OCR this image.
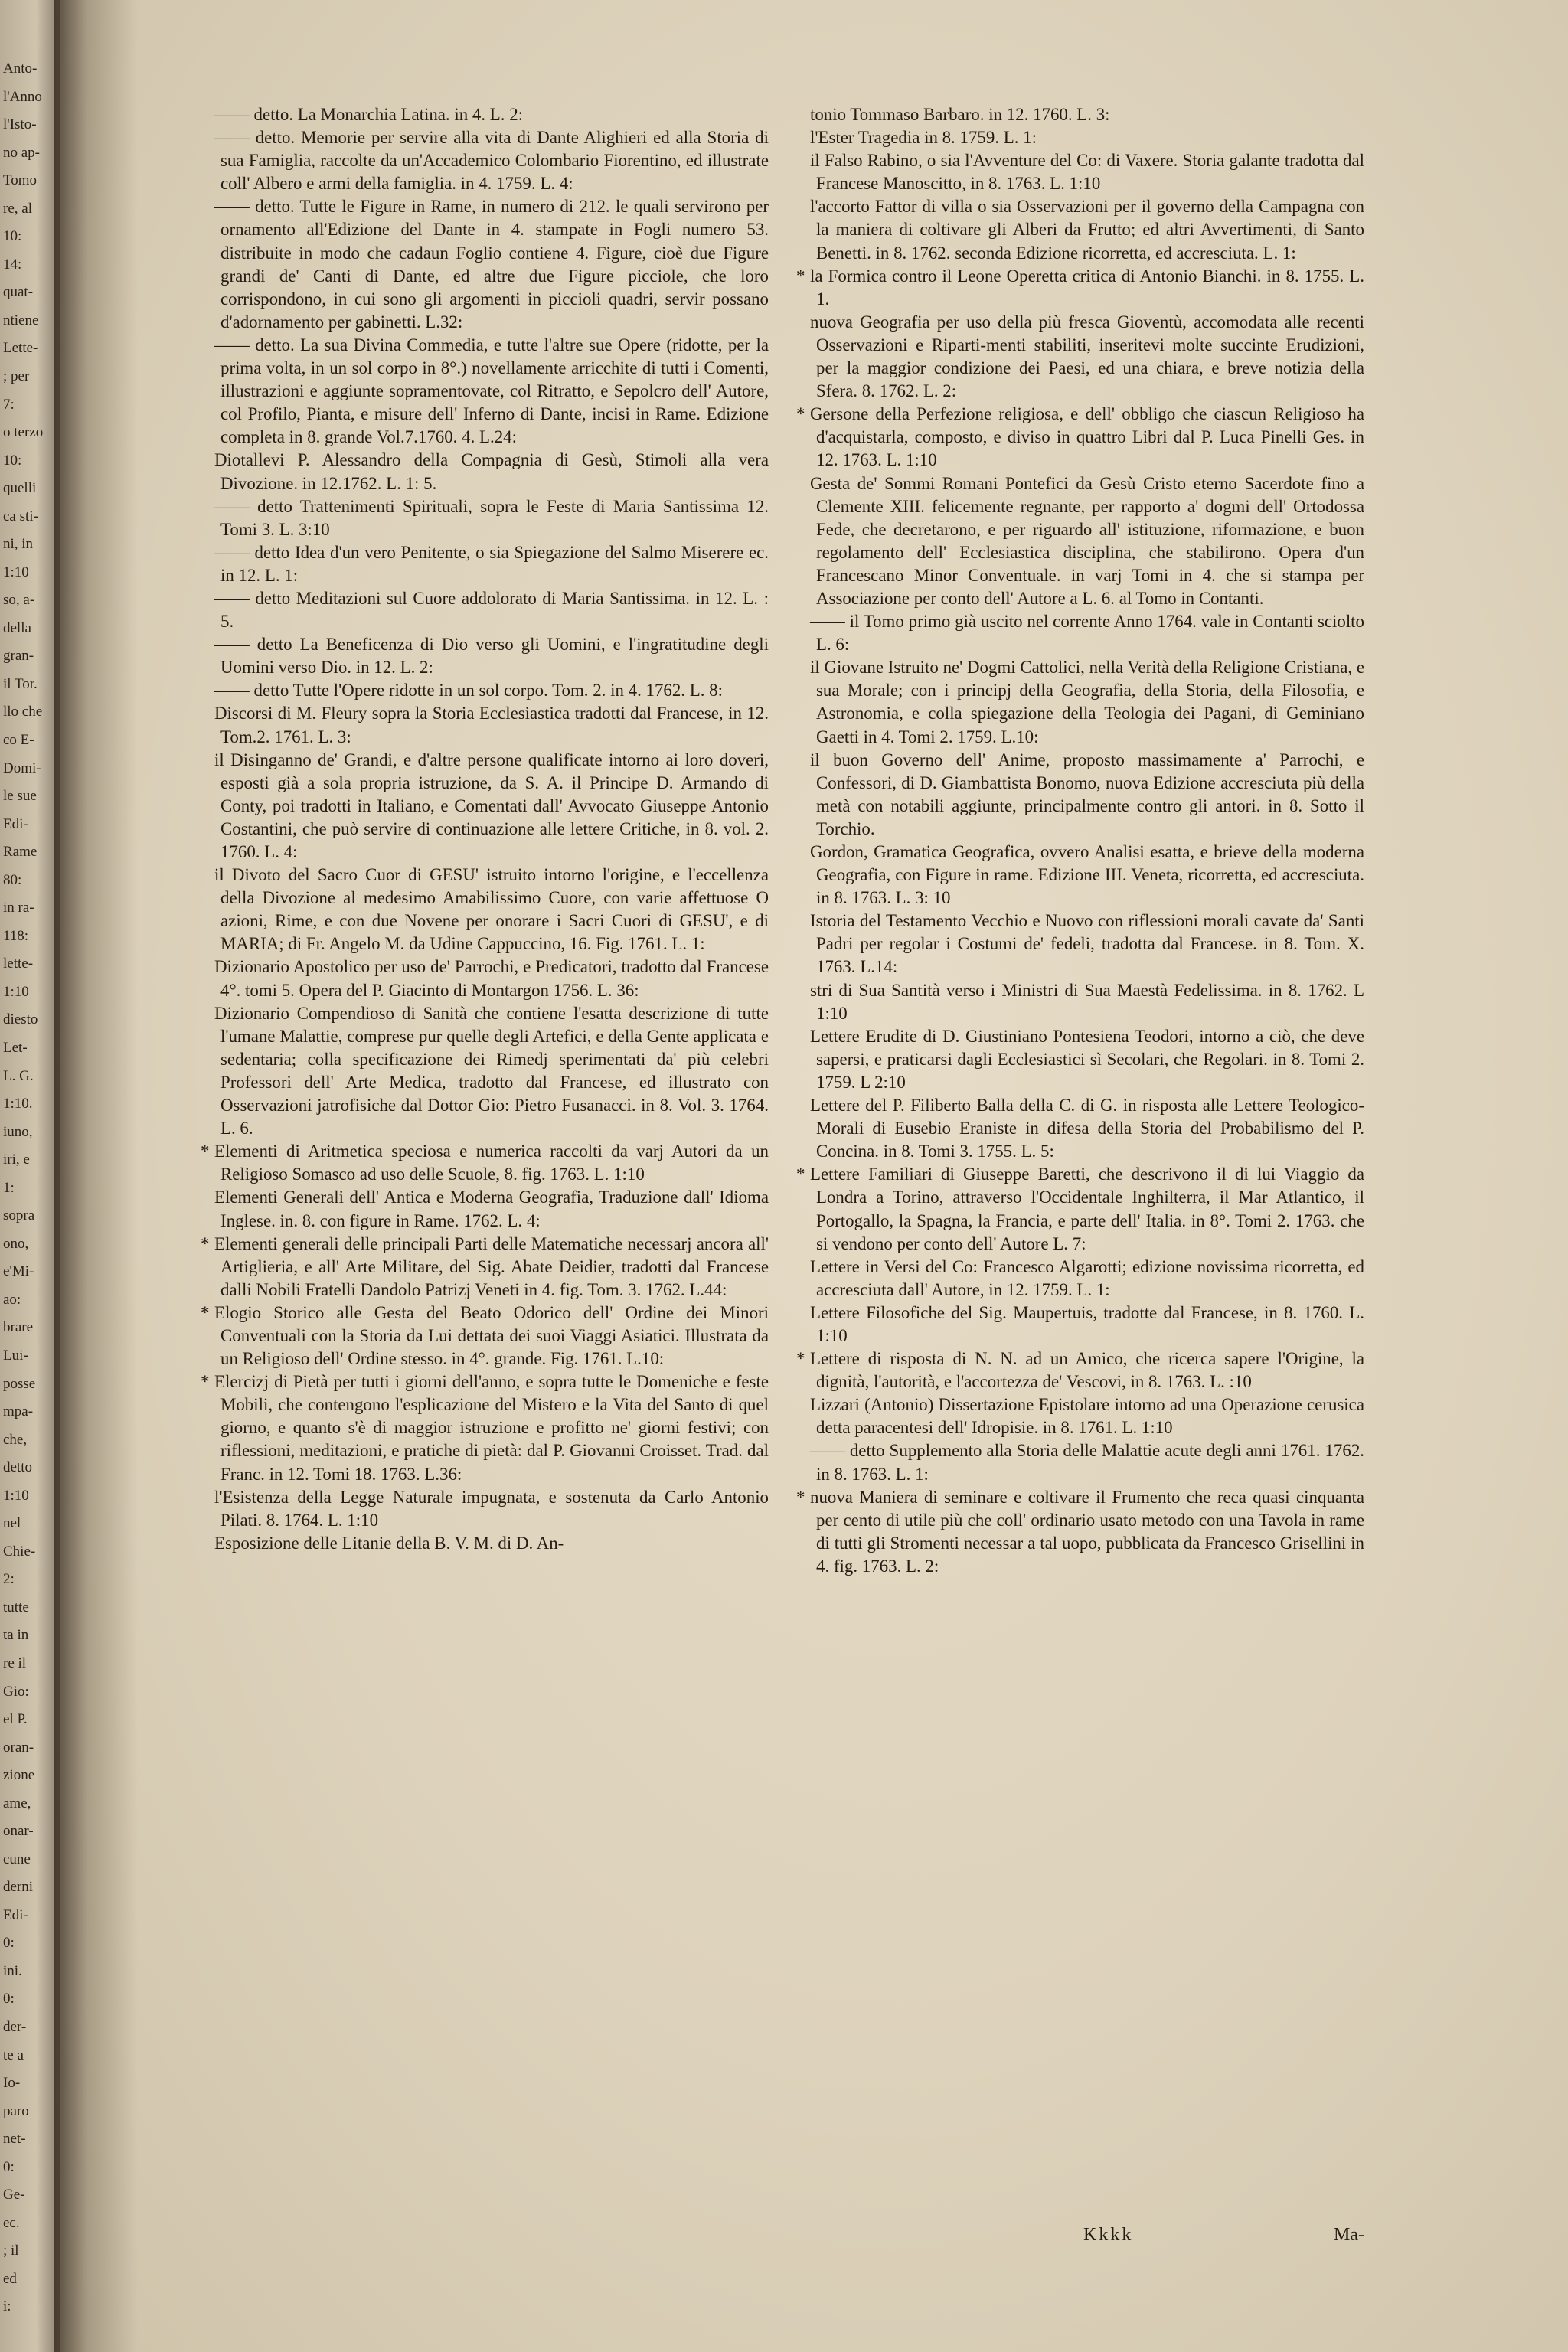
Anto-
l'Anno
l'Isto-
no ap-
Tomo
re, al
10:
14:
quat-
ntiene
Lette-
; per
7:
o terzo
10:
quelli
ca sti-
ni, in
1:10
so, a-
della
gran-
il Tor.
llo che
co E-
Domi-
le sue
Edi-
Rame
80:
in ra-
118:
lette-
1:10
diesto
Let-
L. G.
1:10.
iuno,
iri, e
1:
sopra
ono,
e'Mi-
ao:
brare
Lui-
posse
mpa-
che,
detto
1:10
nel
Chie-
2:
tutte
ta in
re il
Gio:
el P.
oran-
zione
ame,
onar-
cune
derni
Edi-
0:
ini.
0:
der-
te a
Io-
paro
net-
0:
Ge-
ec.
; il
ed
i:

—— detto. La Monarchia Latina. in 4. L. 2:

—— detto. Memorie per servire alla vita di Dante Alighieri ed alla Storia di sua Famiglia, raccolte da un'Accademico Colombario Fiorentino, ed illustrate coll' Albero e armi della famiglia. in 4. 1759. L. 4:

—— detto. Tutte le Figure in Rame, in numero di 212. le quali servirono per ornamento all'Edizione del Dante in 4. stampate in Fogli numero 53. distribuite in modo che cadaun Foglio contiene 4. Figure, cioè due Figure grandi de' Canti di Dante, ed altre due Figure picciole, che loro corrispondono, in cui sono gli argomenti in piccioli quadri, servir possano d'adornamento per gabinetti. L.32:

—— detto. La sua Divina Commedia, e tutte l'altre sue Opere (ridotte, per la prima volta, in un sol corpo in 8°.) novellamente arricchite di tutti i Comenti, illustrazioni e aggiunte sopramentovate, col Ritratto, e Sepolcro dell' Autore, col Profilo, Pianta, e misure dell' Inferno di Dante, incisi in Rame. Edizione completa in 8. grande Vol.7.1760. 4. L.24:

Diotallevi P. Alessandro della Compagnia di Gesù, Stimoli alla vera Divozione. in 12.1762. L. 1: 5.

—— detto Trattenimenti Spirituali, sopra le Feste di Maria Santissima 12. Tomi 3. L. 3:10

—— detto Idea d'un vero Penitente, o sia Spiegazione del Salmo Miserere ec. in 12. L. 1:

—— detto Meditazioni sul Cuore addolorato di Maria Santissima. in 12. L. : 5.

—— detto La Beneficenza di Dio verso gli Uomini, e l'ingratitudine degli Uomini verso Dio. in 12. L. 2:

—— detto Tutte l'Opere ridotte in un sol corpo. Tom. 2. in 4. 1762. L. 8:

Discorsi di M. Fleury sopra la Storia Ecclesiastica tradotti dal Francese, in 12. Tom.2. 1761. L. 3:

il Disinganno de' Grandi, e d'altre persone qualificate intorno ai loro doveri, esposti già a sola propria istruzione, da S. A. il Principe D. Armando di Conty, poi tradotti in Italiano, e Comentati dall' Avvocato Giuseppe Antonio Costantini, che può servire di continuazione alle lettere Critiche, in 8. vol. 2. 1760. L. 4:

il Divoto del Sacro Cuor di GESU' istruito intorno l'origine, e l'eccellenza della Divozione al medesimo Amabilissimo Cuore, con varie affettuose O azioni, Rime, e con due Novene per onorare i Sacri Cuori di GESU', e di MARIA; di Fr. Angelo M. da Udine Cappuccino, 16. Fig. 1761. L. 1:

Dizionario Apostolico per uso de' Parrochi, e Predicatori, tradotto dal Francese 4°. tomi 5. Opera del P. Giacinto di Montargon 1756. L. 36:

Dizionario Compendioso di Sanità che contiene l'esatta descrizione di tutte l'umane Malattie, comprese pur quelle degli Artefici, e della Gente applicata e sedentaria; colla specificazione dei Rimedj sperimentati da' più celebri Professori dell' Arte Medica, tradotto dal Francese, ed illustrato con Osservazioni jatrofisiche dal Dottor Gio: Pietro Fusanacci. in 8. Vol. 3. 1764. L. 6.

* Elementi di Aritmetica speciosa e numerica raccolti da varj Autori da un Religioso Somasco ad uso delle Scuole, 8. fig. 1763. L. 1:10

Elementi Generali dell' Antica e Moderna Geografia, Traduzione dall' Idioma Inglese. in. 8. con figure in Rame. 1762. L. 4:

* Elementi generali delle principali Parti delle Matematiche necessarj ancora all' Artiglieria, e all' Arte Militare, del Sig. Abate Deidier, tradotti dal Francese dalli Nobili Fratelli Dandolo Patrizj Veneti in 4. fig. Tom. 3. 1762. L.44:

* Elogio Storico alle Gesta del Beato Odorico dell' Ordine dei Minori Conventuali con la Storia da Lui dettata dei suoi Viaggi Asiatici. Illustrata da un Religioso dell' Ordine stesso. in 4°. grande. Fig. 1761. L.10:

* Elercizj di Pietà per tutti i giorni dell'anno, e sopra tutte le Domeniche e feste Mobili, che contengono l'esplicazione del Mistero e la Vita del Santo di quel giorno, e quanto s'è di maggior istruzione e profitto ne' giorni festivi; con riflessioni, meditazioni, e pratiche di pietà: dal P. Giovanni Croisset. Trad. dal Franc. in 12. Tomi 18. 1763. L.36:

l'Esistenza della Legge Naturale impugnata, e sostenuta da Carlo Antonio Pilati. 8. 1764. L. 1:10

Esposizione delle Litanie della B. V. M. di D. An-

tonio Tommaso Barbaro. in 12. 1760. L. 3:

l'Ester Tragedia in 8. 1759. L. 1:

il Falso Rabino, o sia l'Avventure del Co: di Vaxere. Storia galante tradotta dal Francese Manoscitto, in 8. 1763. L. 1:10

l'accorto Fattor di villa o sia Osservazioni per il governo della Campagna con la maniera di coltivare gli Alberi da Frutto; ed altri Avvertimenti, di Santo Benetti. in 8. 1762. seconda Edizione ricorretta, ed accresciuta. L. 1:

* la Formica contro il Leone Operetta critica di Antonio Bianchi. in 8. 1755. L. 1.

nuova Geografia per uso della più fresca Gioventù, accomodata alle recenti Osservazioni e Riparti-menti stabiliti, inseritevi molte succinte Erudizioni, per la maggior condizione dei Paesi, ed una chiara, e breve notizia della Sfera. 8. 1762. L. 2:

* Gersone della Perfezione religiosa, e dell' obbligo che ciascun Religioso ha d'acquistarla, composto, e diviso in quattro Libri dal P. Luca Pinelli Ges. in 12. 1763. L. 1:10

Gesta de' Sommi Romani Pontefici da Gesù Cristo eterno Sacerdote fino a Clemente XIII. felicemente regnante, per rapporto a' dogmi dell' Ortodossa Fede, che decretarono, e per riguardo all' istituzione, riformazione, e buon regolamento dell' Ecclesiastica disciplina, che stabilirono. Opera d'un Francescano Minor Conventuale. in varj Tomi in 4. che si stampa per Associazione per conto dell' Autore a L. 6. al Tomo in Contanti.

—— il Tomo primo già uscito nel corrente Anno 1764. vale in Contanti sciolto L. 6:

il Giovane Istruito ne' Dogmi Cattolici, nella Verità della Religione Cristiana, e sua Morale; con i principj della Geografia, della Storia, della Filosofia, e Astronomia, e colla spiegazione della Teologia dei Pagani, di Geminiano Gaetti in 4. Tomi 2. 1759. L.10:

il buon Governo dell' Anime, proposto massimamente a' Parrochi, e Confessori, di D. Giambattista Bonomo, nuova Edizione accresciuta più della metà con notabili aggiunte, principalmente contro gli antori. in 8. Sotto il Torchio.

Gordon, Gramatica Geografica, ovvero Analisi esatta, e brieve della moderna Geografia, con Figure in rame. Edizione III. Veneta, ricorretta, ed accresciuta. in 8. 1763. L. 3: 10

Istoria del Testamento Vecchio e Nuovo con riflessioni morali cavate da' Santi Padri per regolar i Costumi de' fedeli, tradotta dal Francese. in 8. Tom. X. 1763. L.14:

stri di Sua Santità verso i Ministri di Sua Maestà Fedelissima. in 8. 1762. L 1:10

Lettere Erudite di D. Giustiniano Pontesiena Teodori, intorno a ciò, che deve sapersi, e praticarsi dagli Ecclesiastici sì Secolari, che Regolari. in 8. Tomi 2. 1759. L 2:10

Lettere del P. Filiberto Balla della C. di G. in risposta alle Lettere Teologico-Morali di Eusebio Eraniste in difesa della Storia del Probabilismo del P. Concina. in 8. Tomi 3. 1755. L. 5:

* Lettere Familiari di Giuseppe Baretti, che descrivono il di lui Viaggio da Londra a Torino, attraverso l'Occidentale Inghilterra, il Mar Atlantico, il Portogallo, la Spagna, la Francia, e parte dell' Italia. in 8°. Tomi 2. 1763. che si vendono per conto dell' Autore L. 7:

Lettere in Versi del Co: Francesco Algarotti; edizione novissima ricorretta, ed accresciuta dall' Autore, in 12. 1759. L. 1:

Lettere Filosofiche del Sig. Maupertuis, tradotte dal Francese, in 8. 1760. L. 1:10

* Lettere di risposta di N. N. ad un Amico, che ricerca sapere l'Origine, la dignità, l'autorità, e l'accortezza de' Vescovi, in 8. 1763. L. :10

Lizzari (Antonio) Dissertazione Epistolare intorno ad una Operazione cerusica detta paracentesi dell' Idropisie. in 8. 1761. L. 1:10

—— detto Supplemento alla Storia delle Malattie acute degli anni 1761. 1762. in 8. 1763. L. 1:

* nuova Maniera di seminare e coltivare il Frumento che reca quasi cinquanta per cento di utile più che coll' ordinario usato metodo con una Tavola in rame di tutti gli Stromenti necessar a tal uopo, pubblicata da Francesco Grisellini in 4. fig. 1763. L. 2:

Kkkk	Ma-
